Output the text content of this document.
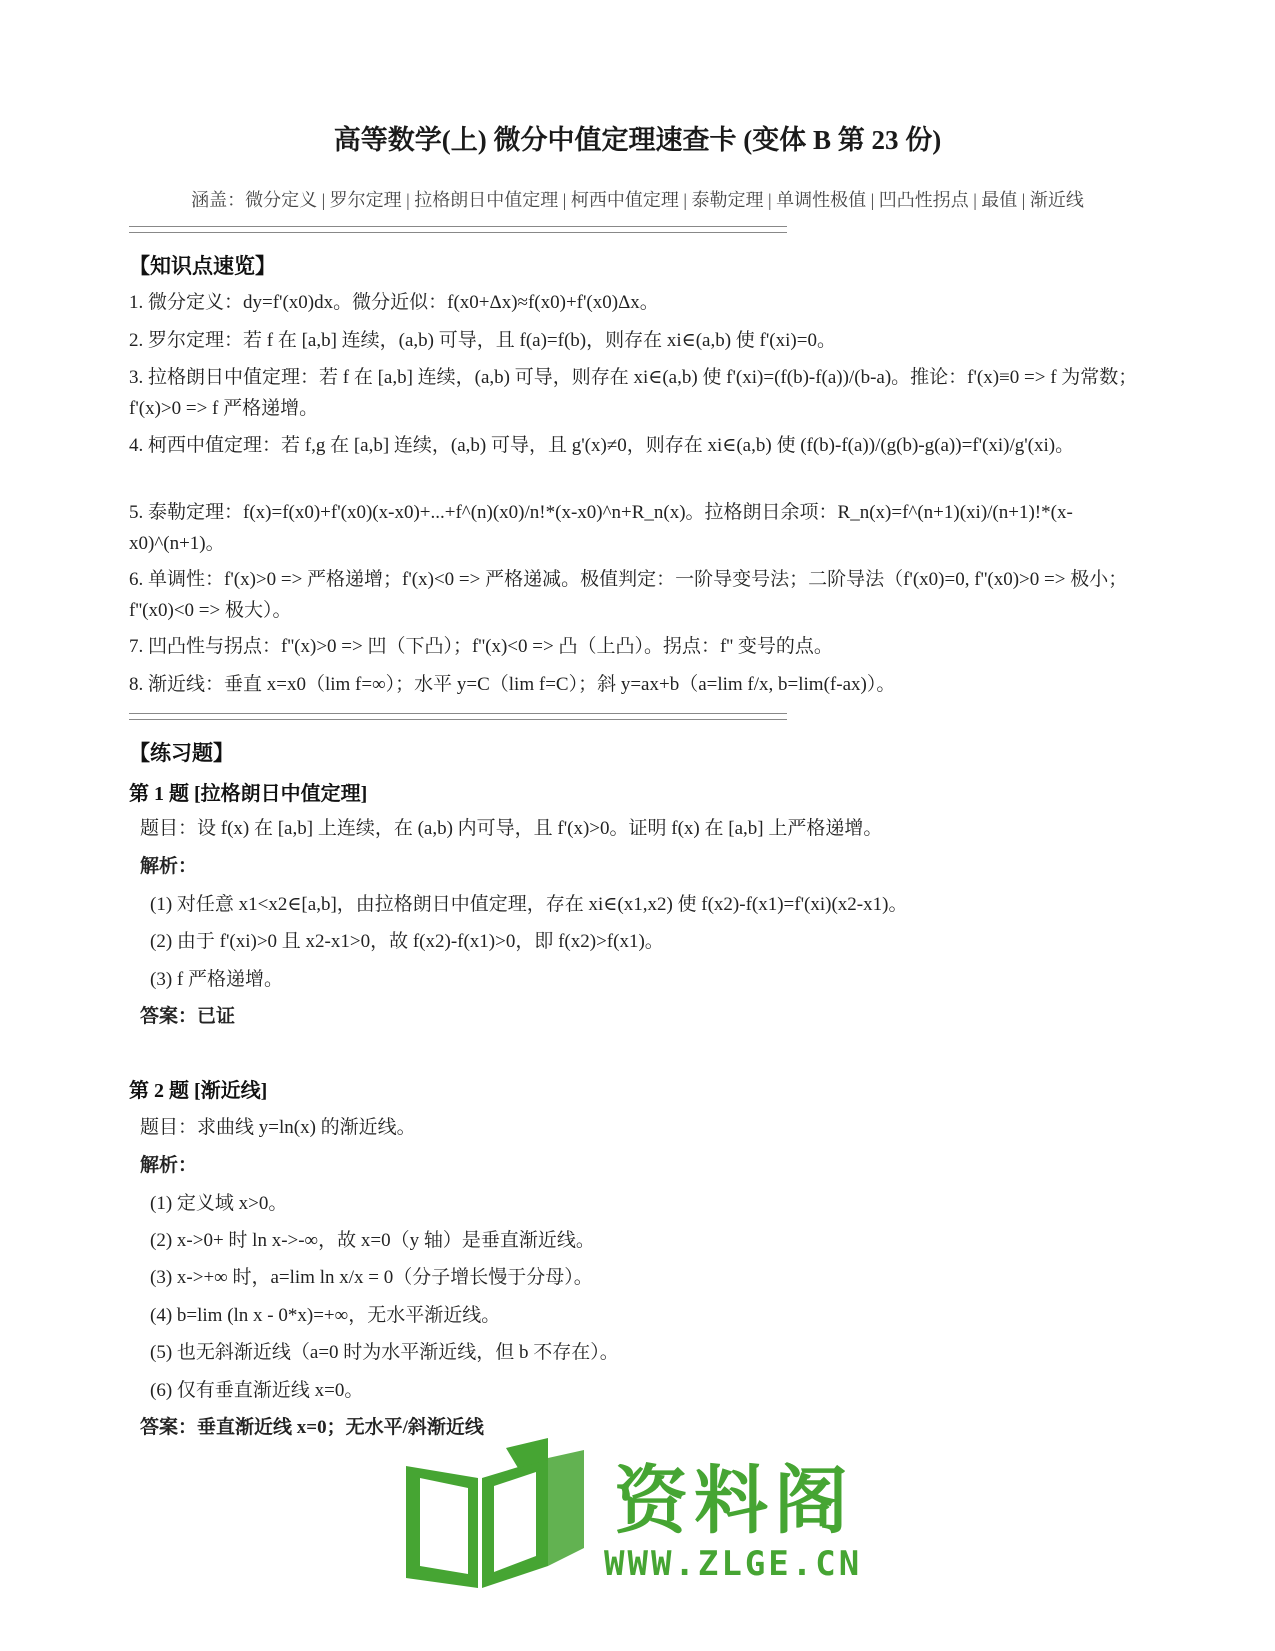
高等数学(上) 微分中值定理速查卡 (变体 B 第 23 份)
涵盖：微分定义 | 罗尔定理 | 拉格朗日中值定理 | 柯西中值定理 | 泰勒定理 | 单调性极值 | 凹凸性拐点 | 最值 | 渐近线
【知识点速览】
1. 微分定义：dy=f'(x0)dx。微分近似：f(x0+Δx)≈f(x0)+f'(x0)Δx。
2. 罗尔定理：若 f 在 [a,b] 连续，(a,b) 可导，且 f(a)=f(b)，则存在 xi∈(a,b) 使 f'(xi)=0。
3. 拉格朗日中值定理：若 f 在 [a,b] 连续，(a,b) 可导，则存在 xi∈(a,b) 使 f'(xi)=(f(b)-f(a))/(b-a)。推论：f'(x)≡0 => f 为常数；f'(x)>0 => f 严格递增。
4. 柯西中值定理：若 f,g 在 [a,b] 连续，(a,b) 可导，且 g'(x)≠0，则存在 xi∈(a,b) 使 (f(b)-f(a))/(g(b)-g(a))=f'(xi)/g'(xi)。
5. 泰勒定理：f(x)=f(x0)+f'(x0)(x-x0)+...+f^(n)(x0)/n!*(x-x0)^n+R_n(x)。拉格朗日余项：R_n(x)=f^(n+1)(xi)/(n+1)!*(x-x0)^(n+1)。
6. 单调性：f'(x)>0 => 严格递增；f'(x)<0 => 严格递减。极值判定：一阶导变号法；二阶导法（f'(x0)=0, f''(x0)>0 => 极小；f''(x0)<0 => 极大）。
7. 凹凸性与拐点：f''(x)>0 => 凹（下凸）；f''(x)<0 => 凸（上凸）。拐点：f'' 变号的点。
8. 渐近线：垂直 x=x0（lim f=∞）；水平 y=C（lim f=C）；斜 y=ax+b（a=lim f/x, b=lim(f-ax)）。
【练习题】
第 1 题 [拉格朗日中值定理]
题目：设 f(x) 在 [a,b] 上连续，在 (a,b) 内可导，且 f'(x)>0。证明 f(x) 在 [a,b] 上严格递增。
解析：
(1) 对任意 x1<x2∈[a,b]，由拉格朗日中值定理，存在 xi∈(x1,x2) 使 f(x2)-f(x1)=f'(xi)(x2-x1)。
(2) 由于 f'(xi)>0 且 x2-x1>0，故 f(x2)-f(x1)>0，即 f(x2)>f(x1)。
(3) f 严格递增。
答案：已证
第 2 题 [渐近线]
题目：求曲线 y=ln(x) 的渐近线。
解析：
(1) 定义域 x>0。
(2) x->0+ 时 ln x->-∞，故 x=0（y 轴）是垂直渐近线。
(3) x->+∞ 时，a=lim ln x/x = 0（分子增长慢于分母）。
(4) b=lim (ln x - 0*x)=+∞，无水平渐近线。
(5) 也无斜渐近线（a=0 时为水平渐近线，但 b 不存在）。
(6) 仅有垂直渐近线 x=0。
答案：垂直渐近线 x=0；无水平/斜渐近线
资料阁
WWW.ZLGE.CN
